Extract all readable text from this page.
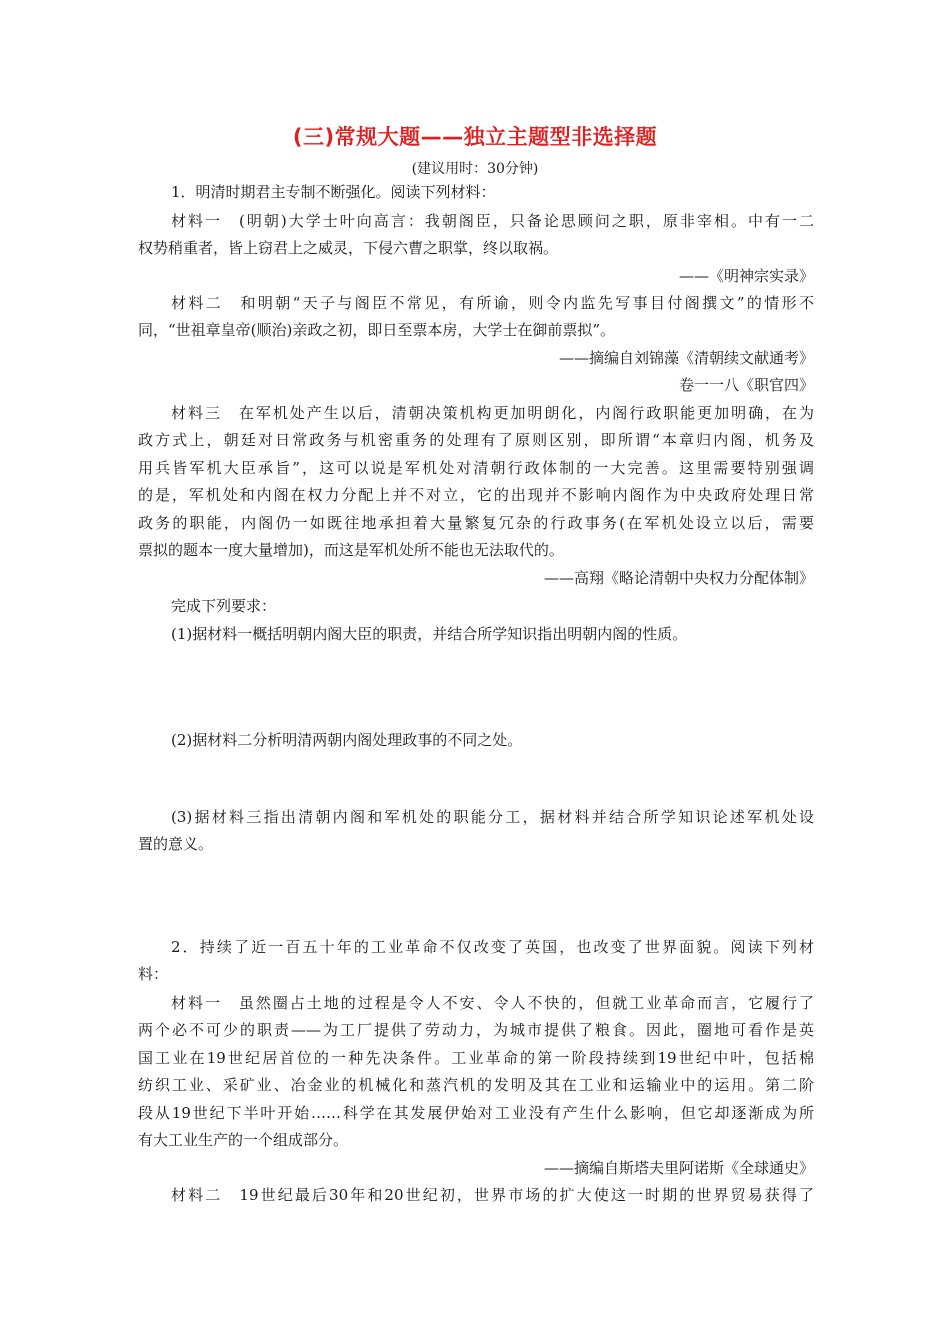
(三)常规大题——独立主题型非选择题
(建议用时：30分钟)
1．明清时期君主专制不断强化。阅读下列材料：
材料一　(明朝)大学士叶向高言：我朝阁臣，只备论思顾问之职，原非宰相。中有一二
权势稍重者，皆上窃君上之威灵，下侵六曹之职掌，终以取祸。
——《明神宗实录》
材料二　和明朝“天子与阁臣不常见，有所谕，则令内监先写事目付阁撰文”的情形不
同，“世祖章皇帝(顺治)亲政之初，即日至票本房，大学士在御前票拟”。
——摘编自刘锦藻《清朝续文献通考》
卷一一八《职官四》
材料三　在军机处产生以后，清朝决策机构更加明朗化，内阁行政职能更加明确，在为
政方式上，朝廷对日常政务与机密重务的处理有了原则区别，即所谓“本章归内阁，机务及
用兵皆军机大臣承旨”，这可以说是军机处对清朝行政体制的一大完善。这里需要特别强调
的是，军机处和内阁在权力分配上并不对立，它的出现并不影响内阁作为中央政府处理日常
政务的职能，内阁仍一如既往地承担着大量繁复冗杂的行政事务(在军机处设立以后，需要
票拟的题本一度大量增加)，而这是军机处所不能也无法取代的。
——高翔《略论清朝中央权力分配体制》
完成下列要求：
(1)据材料一概括明朝内阁大臣的职责，并结合所学知识指出明朝内阁的性质。
(2)据材料二分析明清两朝内阁处理政事的不同之处。
(3)据材料三指出清朝内阁和军机处的职能分工，据材料并结合所学知识论述军机处设
置的意义。
2．持续了近一百五十年的工业革命不仅改变了英国，也改变了世界面貌。阅读下列材
料：
材料一　虽然圈占土地的过程是令人不安、令人不快的，但就工业革命而言，它履行了
两个必不可少的职责——为工厂提供了劳动力，为城市提供了粮食。因此，圈地可看作是英
国工业在19世纪居首位的一种先决条件。工业革命的第一阶段持续到19世纪中叶，包括棉
纺织工业、采矿业、冶金业的机械化和蒸汽机的发明及其在工业和运输业中的运用。第二阶
段从19世纪下半叶开始……科学在其发展伊始对工业没有产生什么影响，但它却逐渐成为所
有大工业生产的一个组成部分。
——摘编自斯塔夫里阿诺斯《全球通史》
材料二　19世纪最后30年和20世纪初，世界市场的扩大使这一时期的世界贸易获得了
